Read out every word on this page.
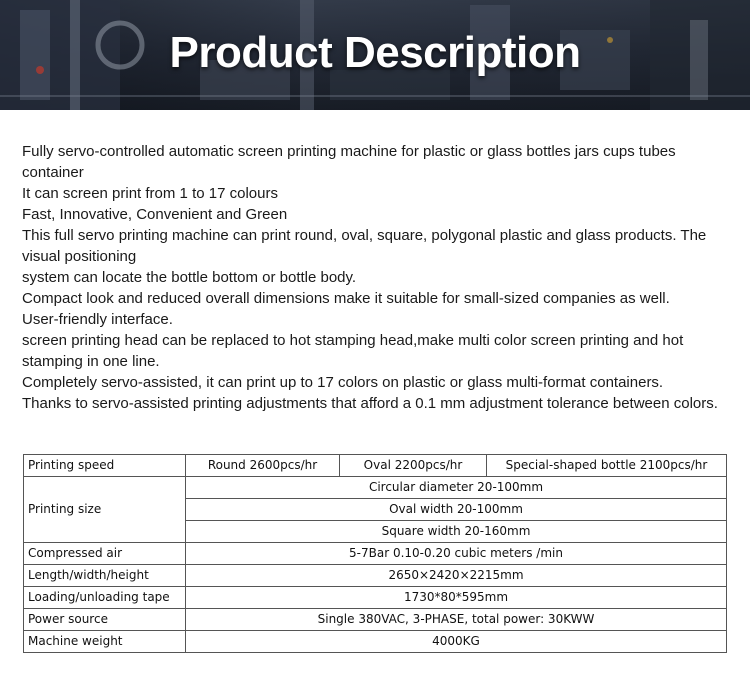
Product Description

Fully servo-controlled automatic screen printing machine for plastic or glass bottles jars cups tubes container

It can screen print from 1 to 17 colours

Fast, Innovative, Convenient and Green

This full servo printing machine can print round, oval, square, polygonal plastic and glass products. The visual positioning

system can locate the bottle bottom or bottle body.

Compact look and reduced overall dimensions make it suitable for small-sized companies as well.

User-friendly interface.

screen printing head can be replaced to hot stamping head,make multi color screen printing and hot stamping in one line.

Completely servo-assisted, it can print up to 17 colors on plastic or glass multi-format containers.

Thanks to servo-assisted printing adjustments that afford a 0.1 mm adjustment tolerance between colors.

Printing speed	Round 2600pcs/hr	Oval 2200pcs/hr	Special-shaped bottle 2100pcs/hr
Printing size	Circular diameter 20-100mm		
	Oval width 20-100mm		
	Square width 20-160mm		
Compressed air	5-7Bar 0.10-0.20 cubic meters /min		
Length/width/height	2650×2420×2215mm		
Loading/unloading tape	1730*80*595mm		
Power source	Single 380VAC, 3-PHASE, total power: 30KWW		
Machine weight	4000KG		
